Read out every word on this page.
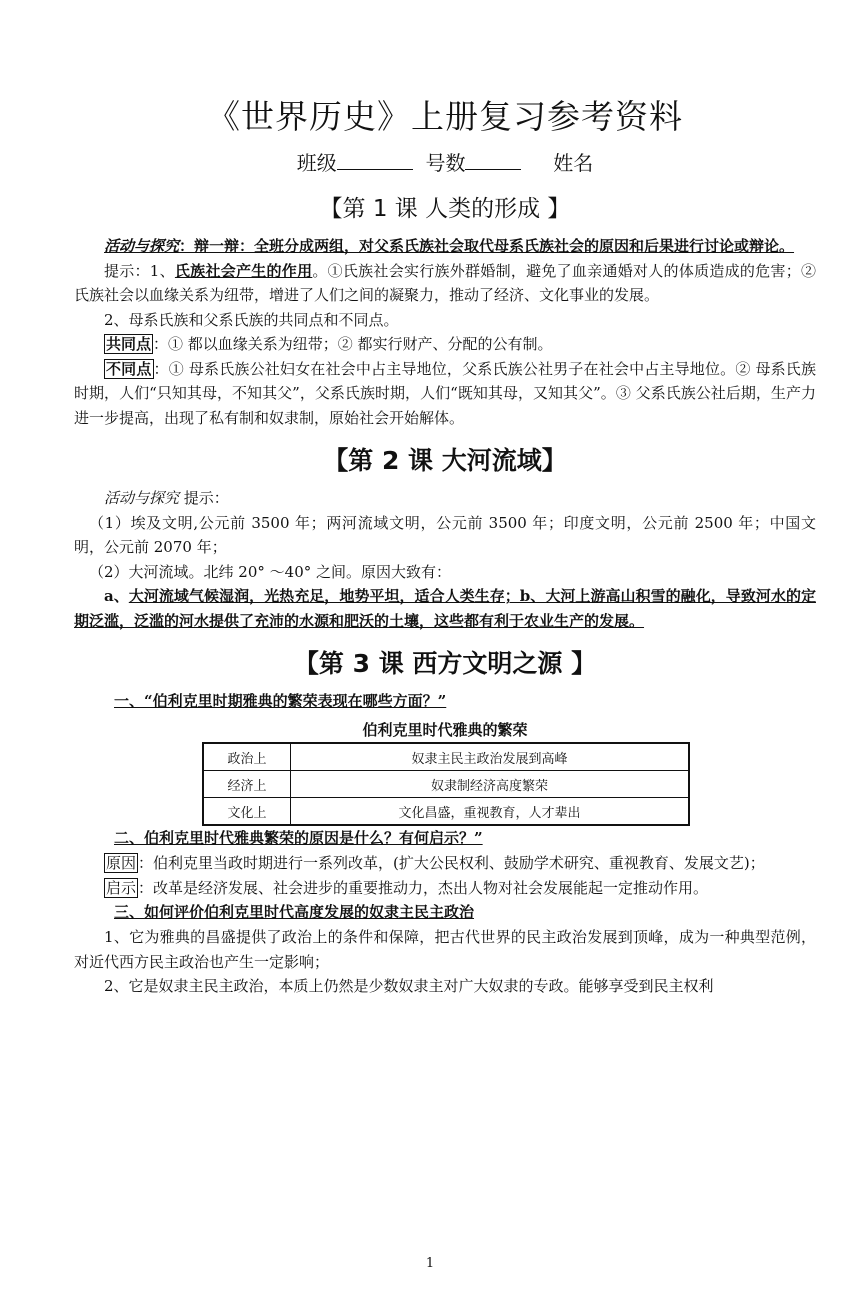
《世界历史》上册复习参考资料
班级	号数	姓名
【第 1 课 人类的形成 】

活动与探究：辩一辩：全班分成两组，对父系氏族社会取代母系氏族社会的原因和后果进行讨论或辩论。

提示：1、氏族社会产生的作用。①氏族社会实行族外群婚制，避免了血亲通婚对人的体质造成的危害；②氏族社会以血缘关系为纽带，增进了人们之间的凝聚力，推动了经济、文化事业的发展。

2、母系氏族和父系氏族的共同点和不同点。

共同点 ：① 都以血缘关系为纽带；② 都实行财产、分配的公有制。

不同点 ：① 母系氏族公社妇女在社会中占主导地位，父系氏族公社男子在社会中占主导地位。② 母系氏族时期，人们“只知其母，不知其父”，父系氏族时期，人们“既知其母，又知其父”。③ 父系氏族公社后期，生产力进一步提高，出现了私有制和奴隶制，原始社会开始解体。

【第 2 课 大河流域】

活动与探究 提示：

（1）埃及文明,公元前 3500 年；两河流域文明，公元前 3500 年；印度文明，公元前 2500 年；中国文明，公元前 2070 年；

（2）大河流域。北纬 20° ～40° 之间。原因大致有：

a、大河流域气候湿润，光热充足，地势平坦，适合人类生存；b、大河上游高山积雪的融化，导致河水的定期泛滥，泛滥的河水提供了充沛的水源和肥沃的土壤，这些都有利于农业生产的发展。

【第 3 课 西方文明之源 】

一、“伯利克里时期雅典的繁荣表现在哪些方面？”

伯利克里时代雅典的繁荣
政治上	奴隶主民主政治发展到高峰
经济上	奴隶制经济高度繁荣
文化上	文化昌盛，重视教育，人才辈出

二、伯利克里时代雅典繁荣的原因是什么？有何启示？”

原因 ：伯利克里当政时期进行一系列改革，(扩大公民权利、鼓励学术研究、重视教育、发展文艺)；

启示 ：改革是经济发展、社会进步的重要推动力，杰出人物对社会发展能起一定推动作用。

三、如何评价伯利克里时代高度发展的奴隶主民主政治

1、它为雅典的昌盛提供了政治上的条件和保障，把古代世界的民主政治发展到顶峰，成为一种典型范例，对近代西方民主政治也产生一定影响；

2、它是奴隶主民主政治，本质上仍然是少数奴隶主对广大奴隶的专政。能够享受到民主权利

1
